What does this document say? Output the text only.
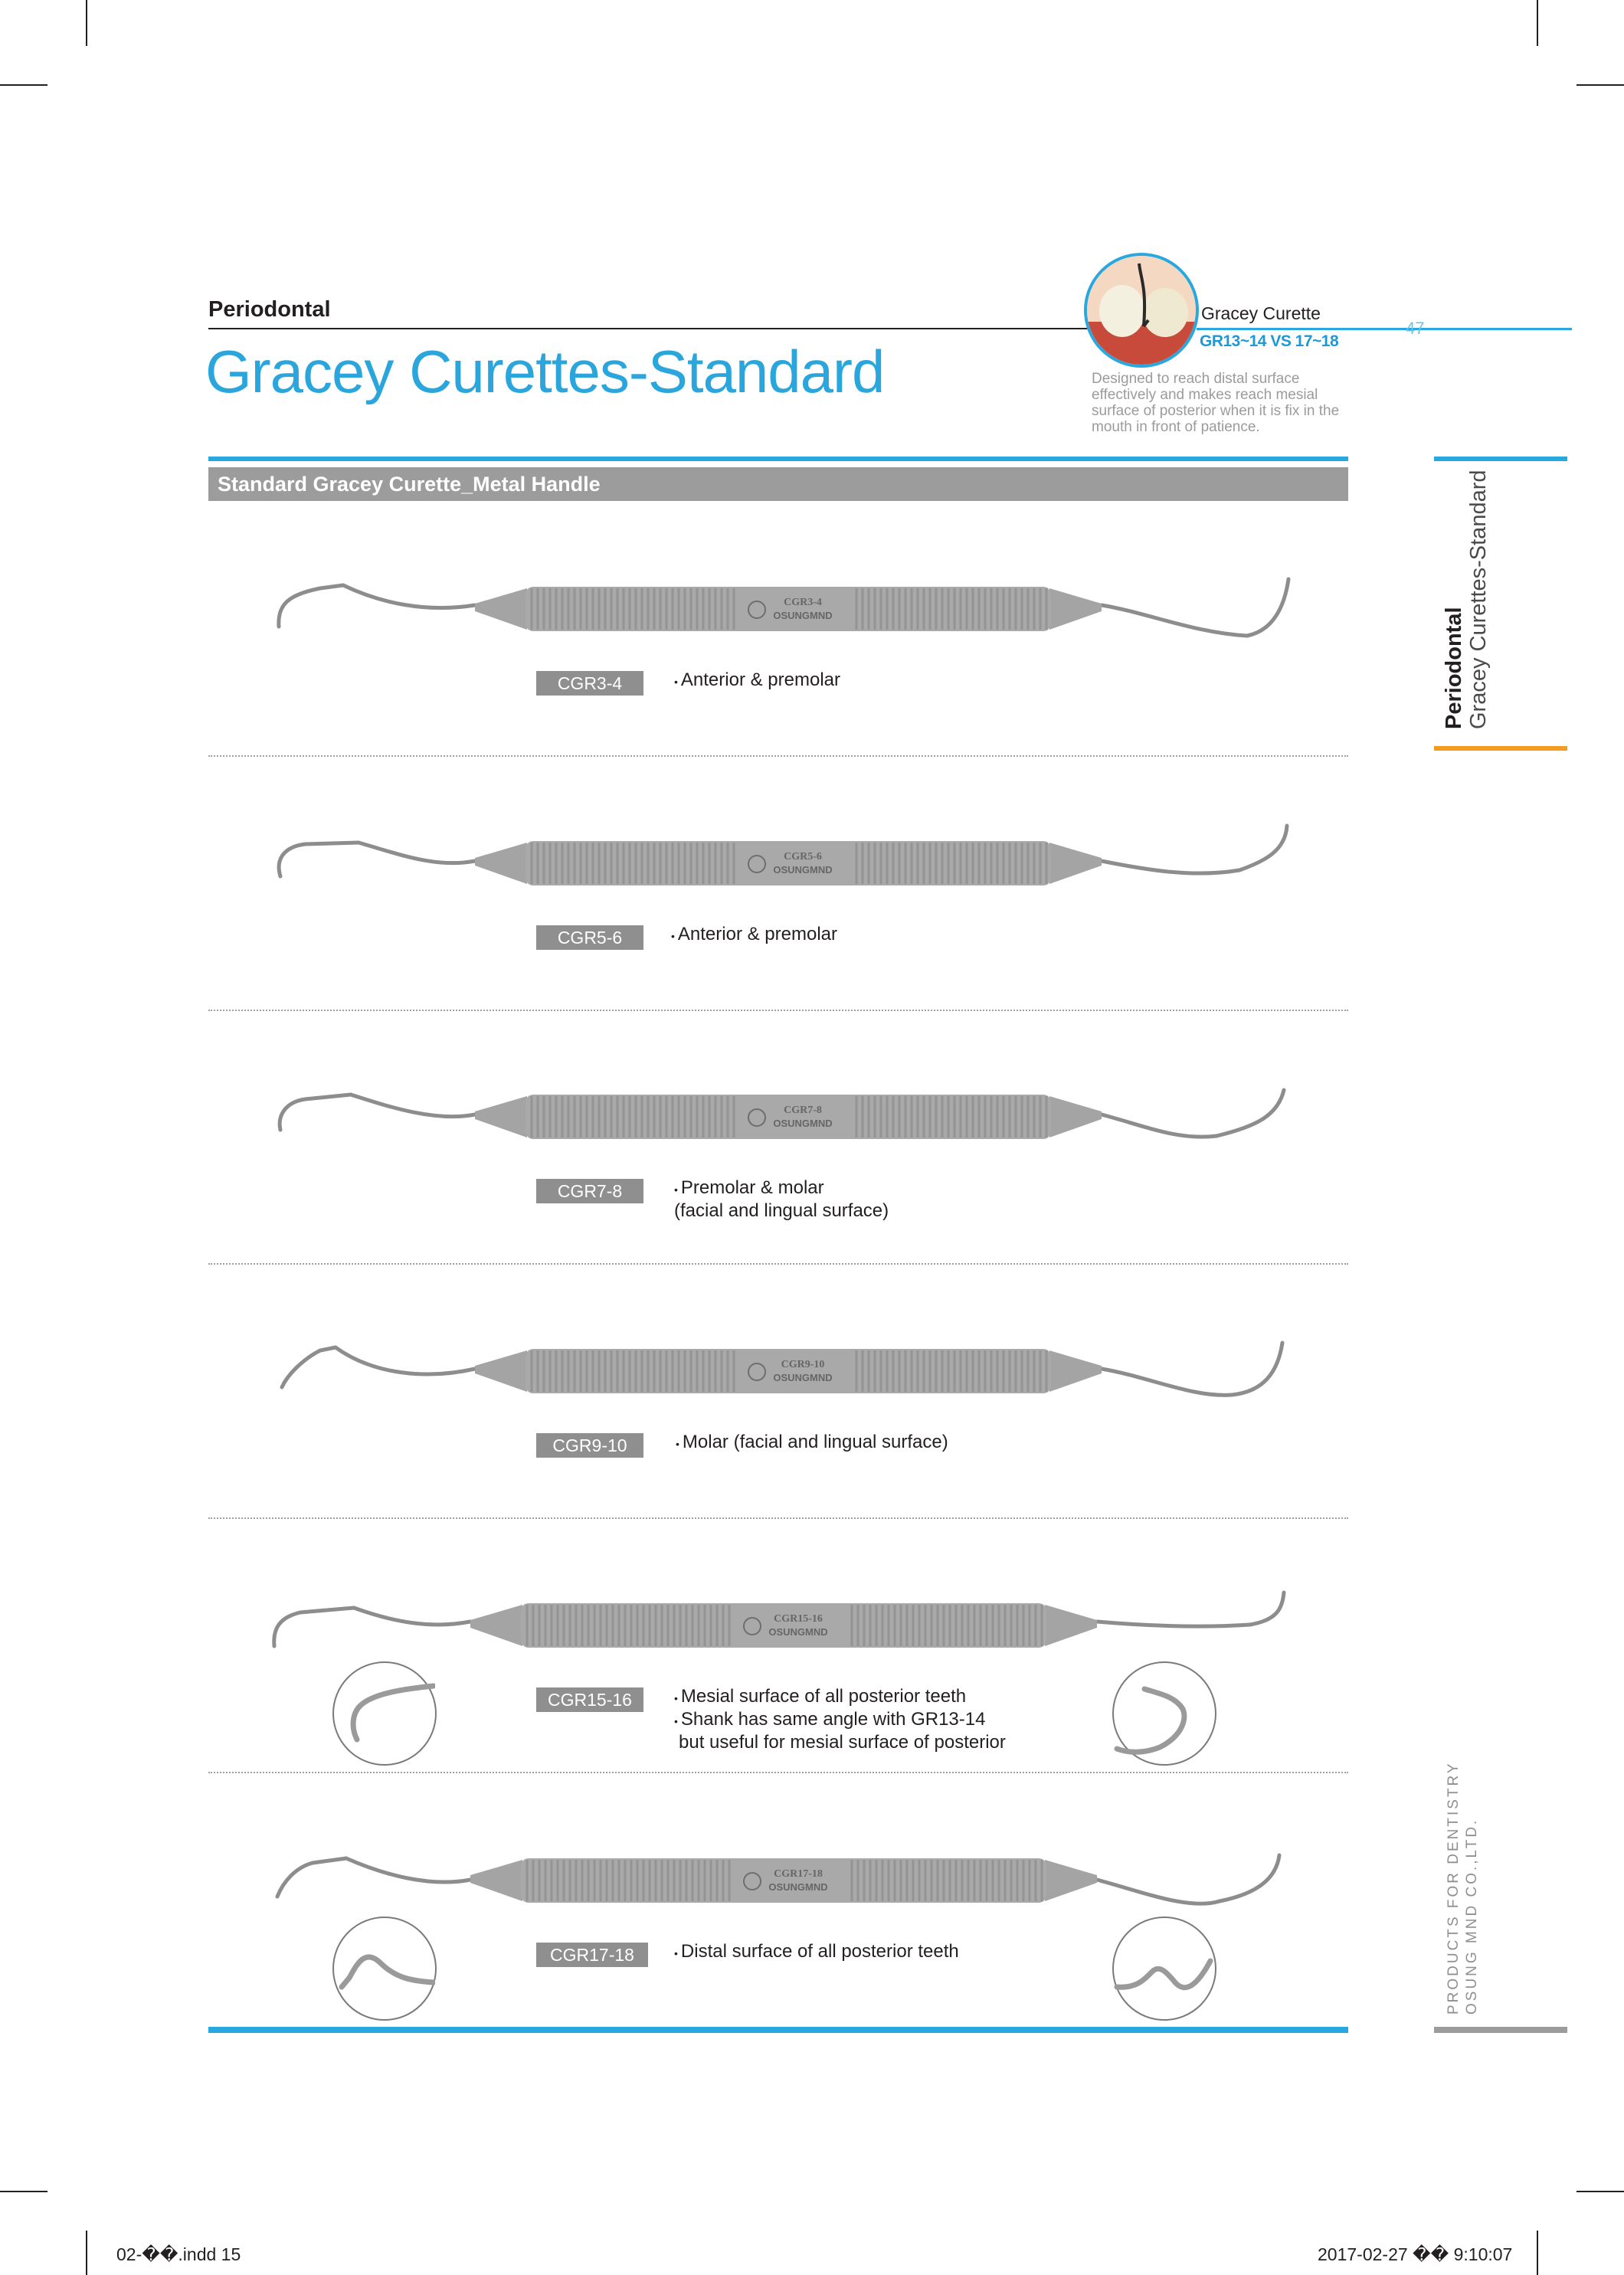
Periodontal
Gracey Curettes-Standard
Gracey Curette
GR13~14 VS 17~18
47
Designed to reach distal surface effectively and makes reach mesial surface of posterior when it is fix in the mouth in front of patience.
Standard Gracey Curette_Metal Handle
Periodontal Gracey Curettes-Standard
CGR3-4
OSUNGMND
CGR3-4	• Anterior & premolar
CGR5-6
OSUNGMND
CGR5-6	• Anterior & premolar
CGR7-8
OSUNGMND
CGR7-8	• Premolar & molar
(facial and lingual surface)
CGR9-10
OSUNGMND
CGR9-10	• Molar (facial and lingual surface)
CGR15-16
OSUNGMND
CGR15-16	• Mesial surface of all posterior teeth
• Shank has same angle with GR13-14
but useful for mesial surface of posterior
CGR17-18
OSUNGMND
CGR17-18	• Distal surface of all posterior teeth	PRODUCTS FOR DENTISTRY OSUNG MND CO.,LTD.
02-��.indd 15	2017-02-27 �� 9:10:07
